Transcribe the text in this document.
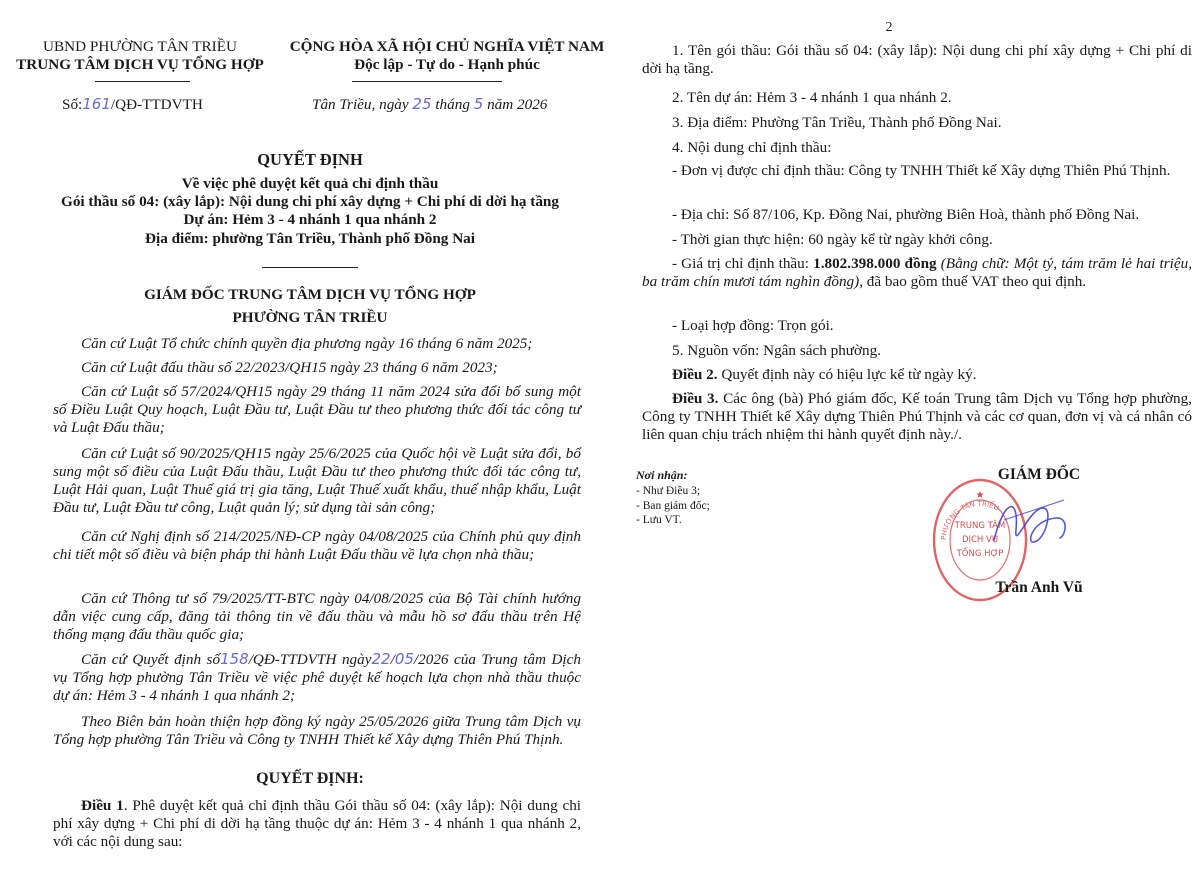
UBND PHƯỜNG TÂN TRIỀU
TRUNG TÂM DỊCH VỤ TỔNG HỢP
CỘNG HÒA XÃ HỘI CHỦ NGHĨA VIỆT NAM
Độc lập - Tự do - Hạnh phúc
Số:161/QĐ-TTDVTH	Tân Triều, ngày 25 tháng 5 năm 2026
QUYẾT ĐỊNH
Về việc phê duyệt kết quả chỉ định thầu
Gói thầu số 04: (xây lắp): Nội dung chi phí xây dựng + Chi phí di dời hạ tầng
Dự án: Hẻm 3 - 4 nhánh 1 qua nhánh 2
Địa điểm: phường Tân Triều, Thành phố Đồng Nai
GIÁM ĐỐC TRUNG TÂM DỊCH VỤ TỔNG HỢP
PHƯỜNG TÂN TRIỀU
Căn cứ Luật Tổ chức chính quyền địa phương ngày 16 tháng 6 năm 2025;
Căn cứ Luật đấu thầu số 22/2023/QH15 ngày 23 tháng 6 năm 2023;
Căn cứ Luật số 57/2024/QH15 ngày 29 tháng 11 năm 2024 sửa đổi bổ sung một số Điều Luật Quy hoạch, Luật Đầu tư, Luật Đầu tư theo phương thức đối tác công tư và Luật Đấu thầu;
Căn cứ Luật số 90/2025/QH15 ngày 25/6/2025 của Quốc hội về Luật sửa đổi, bổ sung một số điều của Luật Đấu thầu, Luật Đầu tư theo phương thức đối tác công tư, Luật Hải quan, Luật Thuế giá trị gia tăng, Luật Thuế xuất khẩu, thuế nhập khẩu, Luật Đầu tư, Luật Đầu tư công, Luật quản lý; sử dụng tài sản công;
Căn cứ Nghị định số 214/2025/NĐ-CP ngày 04/08/2025 của Chính phủ quy định chi tiết một số điều và biện pháp thi hành Luật Đấu thầu về lựa chọn nhà thầu;
Căn cứ Thông tư số 79/2025/TT-BTC ngày 04/08/2025 của Bộ Tài chính hướng dẫn việc cung cấp, đăng tải thông tin về đấu thầu và mẫu hồ sơ đấu thầu trên Hệ thống mạng đấu thầu quốc gia;
Căn cứ Quyết định số158/QĐ-TTDVTH ngày22/05/2026 của Trung tâm Dịch vụ Tổng hợp phường Tân Triều về việc phê duyệt kế hoạch lựa chọn nhà thầu thuộc dự án: Hẻm 3 - 4 nhánh 1 qua nhánh 2;
Theo Biên bản hoàn thiện hợp đồng ký ngày 25/05/2026 giữa Trung tâm Dịch vụ Tổng hợp phường Tân Triều và Công ty TNHH Thiết kế Xây dựng Thiên Phú Thịnh.
QUYẾT ĐỊNH:
Điều 1. Phê duyệt kết quả chỉ định thầu Gói thầu số 04: (xây lắp): Nội dung chi phí xây dựng + Chi phí di dời hạ tầng thuộc dự án: Hẻm 3 - 4 nhánh 1 qua nhánh 2, với các nội dung sau:
2
1. Tên gói thầu: Gói thầu số 04: (xây lắp): Nội dung chi phí xây dựng + Chi phí di dời hạ tầng.
2. Tên dự án: Hẻm 3 - 4 nhánh 1 qua nhánh 2.
3. Địa điểm: Phường Tân Triều, Thành phố Đồng Nai.
4. Nội dung chỉ định thầu:
- Đơn vị được chỉ định thầu: Công ty TNHH Thiết kế Xây dựng Thiên Phú Thịnh.
- Địa chỉ: Số 87/106, Kp. Đồng Nai, phường Biên Hoà, thành phố Đồng Nai.
- Thời gian thực hiện: 60 ngày kể từ ngày khởi công.
- Giá trị chỉ định thầu: 1.802.398.000 đồng (Bằng chữ: Một tỷ, tám trăm lẻ hai triệu, ba trăm chín mươi tám nghìn đồng), đã bao gồm thuế VAT theo qui định.
- Loại hợp đồng: Trọn gói.
5. Nguồn vốn: Ngân sách phường.
Điều 2. Quyết định này có hiệu lực kể từ ngày ký.
Điều 3. Các ông (bà) Phó giám đốc, Kế toán Trung tâm Dịch vụ Tổng hợp phường, Công ty TNHH Thiết kế Xây dựng Thiên Phú Thịnh và các cơ quan, đơn vị và cá nhân có liên quan chịu trách nhiệm thi hành quyết định này./.
Nơi nhận:
- Như Điều 3;
- Ban giám đốc;
- Lưu VT.
GIÁM ĐỐC
PHƯỜNG TÂN TRIỀU
TRUNG TÂM
DỊCH VỤ
TỔNG HỢP
★
Trần Anh Vũ
